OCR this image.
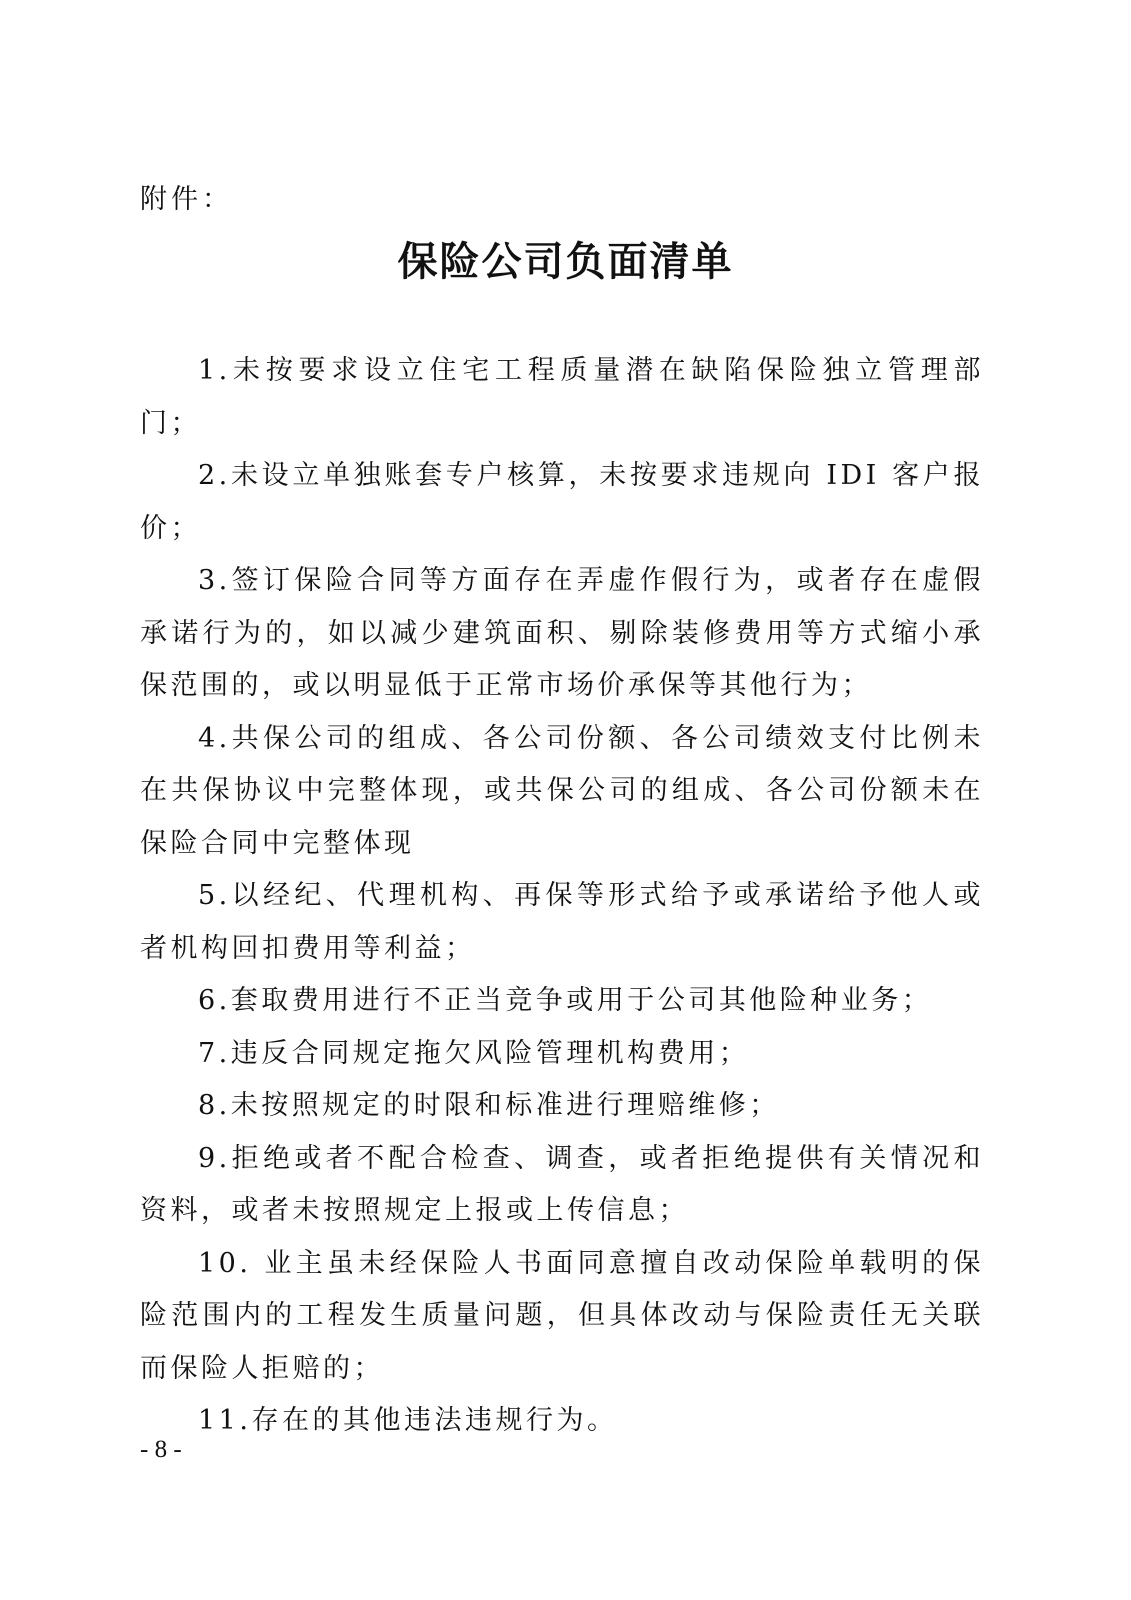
附件：

保险公司负面清单
1.未按要求设立住宅工程质量潜在缺陷保险独立管理部门；
2.未设立单独账套专户核算，未按要求违规向 IDI 客户报价；
3.签订保险合同等方面存在弄虚作假行为，或者存在虚假承诺行为的，如以减少建筑面积、剔除装修费用等方式缩小承保范围的，或以明显低于正常市场价承保等其他行为；
4.共保公司的组成、各公司份额、各公司绩效支付比例未在共保协议中完整体现，或共保公司的组成、各公司份额未在保险合同中完整体现
5.以经纪、代理机构、再保等形式给予或承诺给予他人或者机构回扣费用等利益；
6.套取费用进行不正当竞争或用于公司其他险种业务；
7.违反合同规定拖欠风险管理机构费用；
8.未按照规定的时限和标准进行理赔维修；
9.拒绝或者不配合检查、调查，或者拒绝提供有关情况和资料，或者未按照规定上报或上传信息；
10. 业主虽未经保险人书面同意擅自改动保险单载明的保险范围内的工程发生质量问题，但具体改动与保险责任无关联而保险人拒赔的；
11.存在的其他违法违规行为。

- 8 -
